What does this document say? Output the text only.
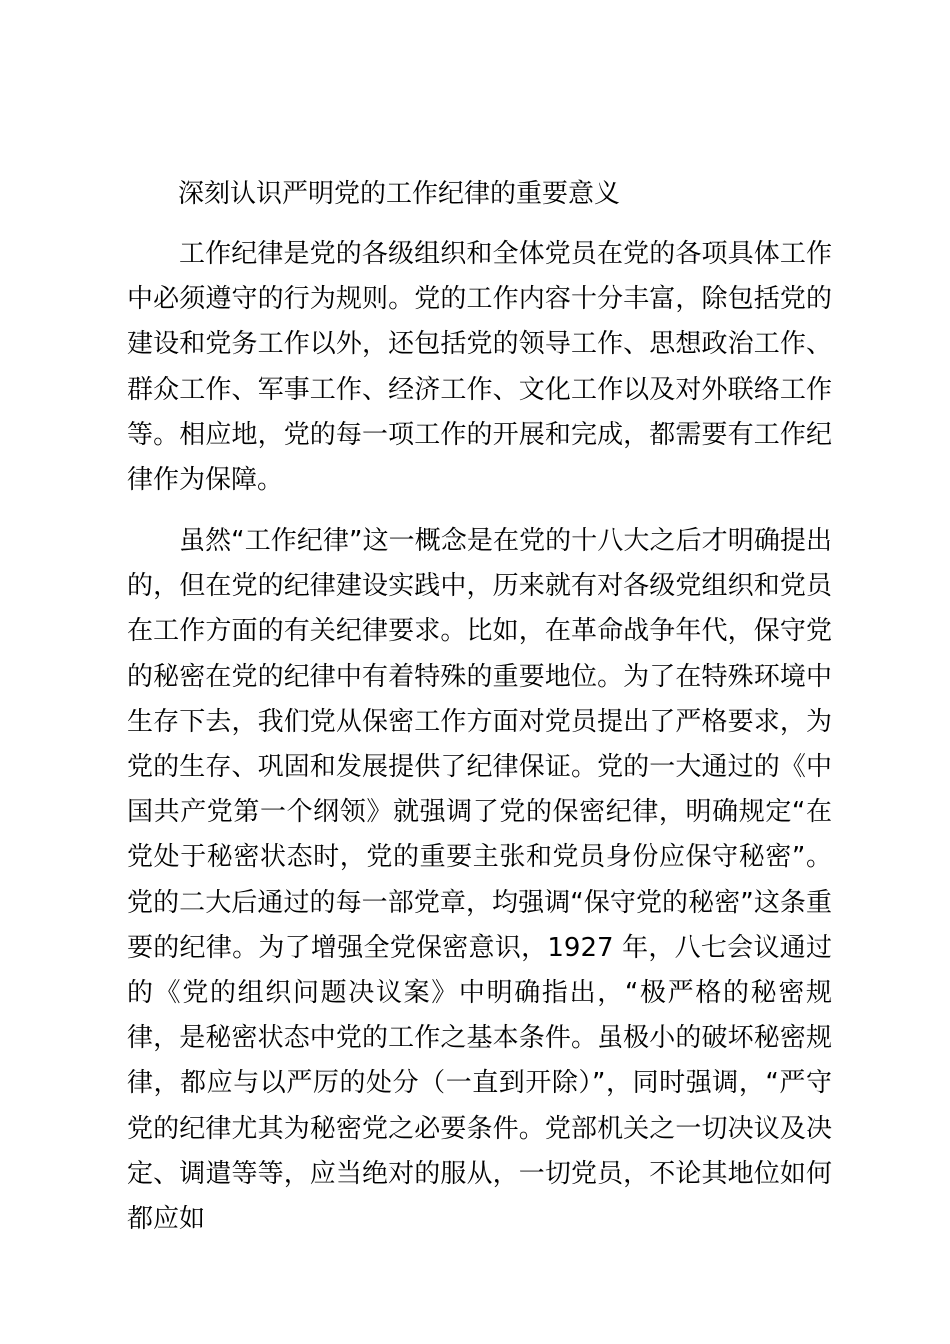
深刻认识严明党的工作纪律的重要意义

工作纪律是党的各级组织和全体党员在党的各项具体工作中必须遵守的行为规则。党的工作内容十分丰富，除包括党的建设和党务工作以外，还包括党的领导工作、思想政治工作、群众工作、军事工作、经济工作、文化工作以及对外联络工作等。相应地，党的每一项工作的开展和完成，都需要有工作纪律作为保障。

虽然“工作纪律”这一概念是在党的十八大之后才明确提出的，但在党的纪律建设实践中，历来就有对各级党组织和党员在工作方面的有关纪律要求。比如，在革命战争年代，保守党的秘密在党的纪律中有着特殊的重要地位。为了在特殊环境中生存下去，我们党从保密工作方面对党员提出了严格要求，为党的生存、巩固和发展提供了纪律保证。党的一大通过的《中国共产党第一个纲领》就强调了党的保密纪律，明确规定“在党处于秘密状态时，党的重要主张和党员身份应保守秘密”。党的二大后通过的每一部党章，均强调“保守党的秘密”这条重要的纪律。为了增强全党保密意识，1927 年，八七会议通过的《党的组织问题决议案》中明确指出，“极严格的秘密规律，是秘密状态中党的工作之基本条件。虽极小的破坏秘密规律，都应与以严厉的处分（一直到开除）”，同时强调，“严守党的纪律尤其为秘密党之必要条件。党部机关之一切决议及决定、调遣等等，应当绝对的服从，一切党员，不论其地位如何都应如
